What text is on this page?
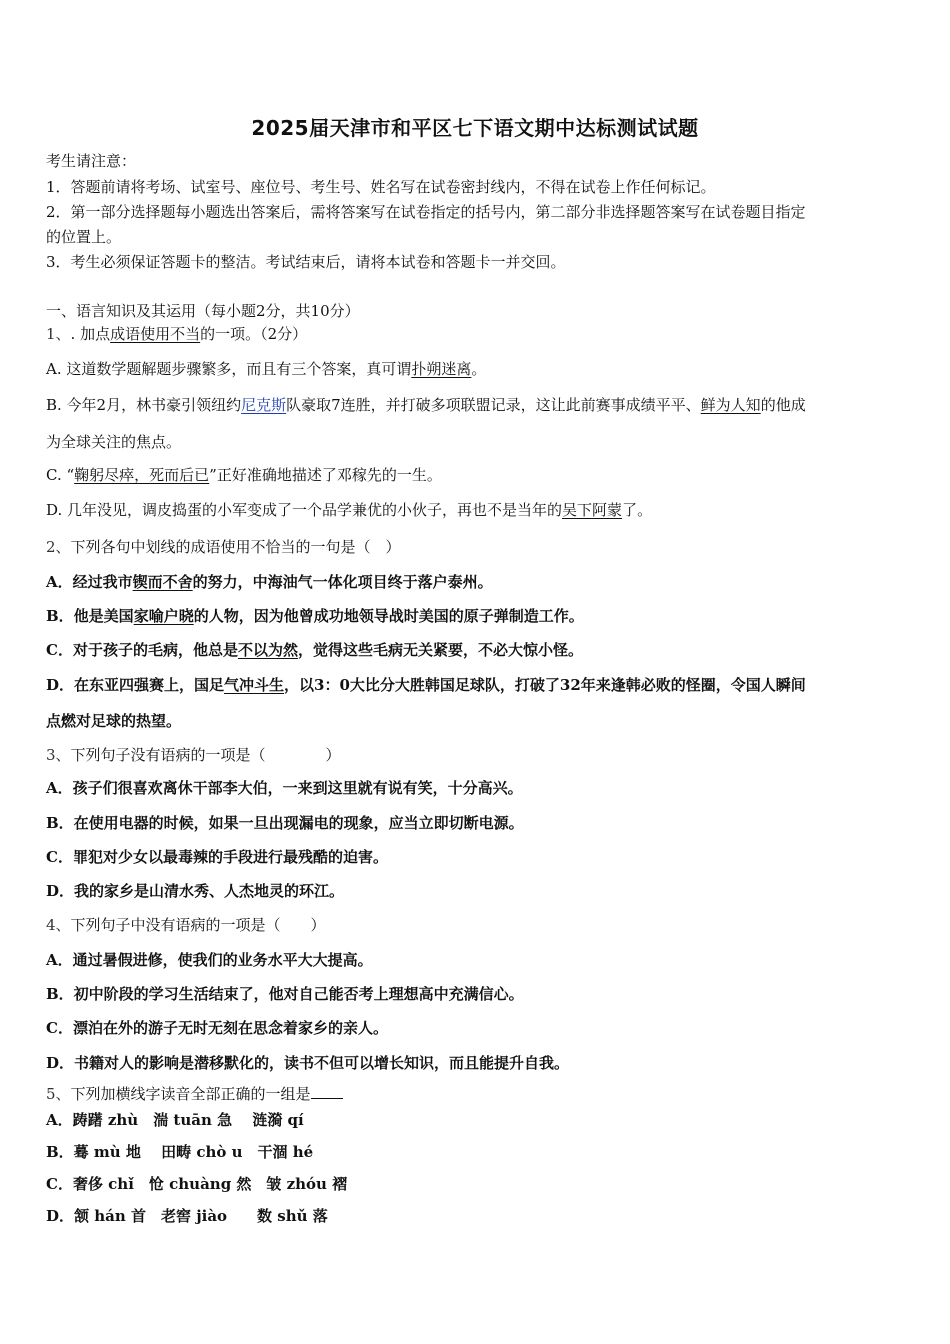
2025届天津市和平区七下语文期中达标测试试题
考生请注意：
1．答题前请将考场、试室号、座位号、考生号、姓名写在试卷密封线内，不得在试卷上作任何标记。
2．第一部分选择题每小题选出答案后，需将答案写在试卷指定的括号内，第二部分非选择题答案写在试卷题目指定
的位置上。
3．考生必须保证答题卡的整洁。考试结束后，请将本试卷和答题卡一并交回。
一、语言知识及其运用（每小题2分，共10分）
1、. 加点成语使用不当的一项。（2分）
A. 这道数学题解题步骤繁多，而且有三个答案，真可谓扑朔迷离。
B. 今年2月，林书豪引领纽约尼克斯队豪取7连胜，并打破多项联盟记录，这让此前赛事成绩平平、鲜为人知的他成
为全球关注的焦点。
C. “鞠躬尽瘁，死而后已”正好准确地描述了邓稼先的一生。
D. 几年没见，调皮捣蛋的小军变成了一个品学兼优的小伙子，再也不是当年的吴下阿蒙了。
2、下列各句中划线的成语使用不恰当的一句是（　）
A．经过我市锲而不舍的努力，中海油气一体化项目终于落户泰州。
B．他是美国家喻户晓的人物，因为他曾成功地领导战时美国的原子弹制造工作。
C．对于孩子的毛病，他总是不以为然，觉得这些毛病无关紧要，不必大惊小怪。
D．在东亚四强赛上，国足气冲斗生，以3：0大比分大胜韩国足球队，打破了32年来逢韩必败的怪圈，令国人瞬间
点燃对足球的热望。
3、下列句子没有语病的一项是（　　　　）
A．孩子们很喜欢离休干部李大伯，一来到这里就有说有笑，十分高兴。
B．在使用电器的时候，如果一旦出现漏电的现象，应当立即切断电源。
C．罪犯对少女以最毒辣的手段进行最残酷的迫害。
D．我的家乡是山清水秀、人杰地灵的环江。
4、下列句子中没有语病的一项是（　　）
A．通过暑假进修，使我们的业务水平大大提高。
B．初中阶段的学习生活结束了，他对自己能否考上理想高中充满信心。
C．漂泊在外的游子无时无刻在思念着家乡的亲人。
D．书籍对人的影响是潜移默化的，读书不但可以增长知识，而且能提升自我。
5、下列加横线字读音全部正确的一组是
A．踌躇 zhù　湍 tuān 急　 涟漪 qí
B．蓦 mù 地　 田畴 chò u　干涸 hé
C．奢侈 chǐ　怆 chuàng 然　皱 zhóu 褶
D．颔 hán 首　老窖 jiào　　数 shǔ 落
